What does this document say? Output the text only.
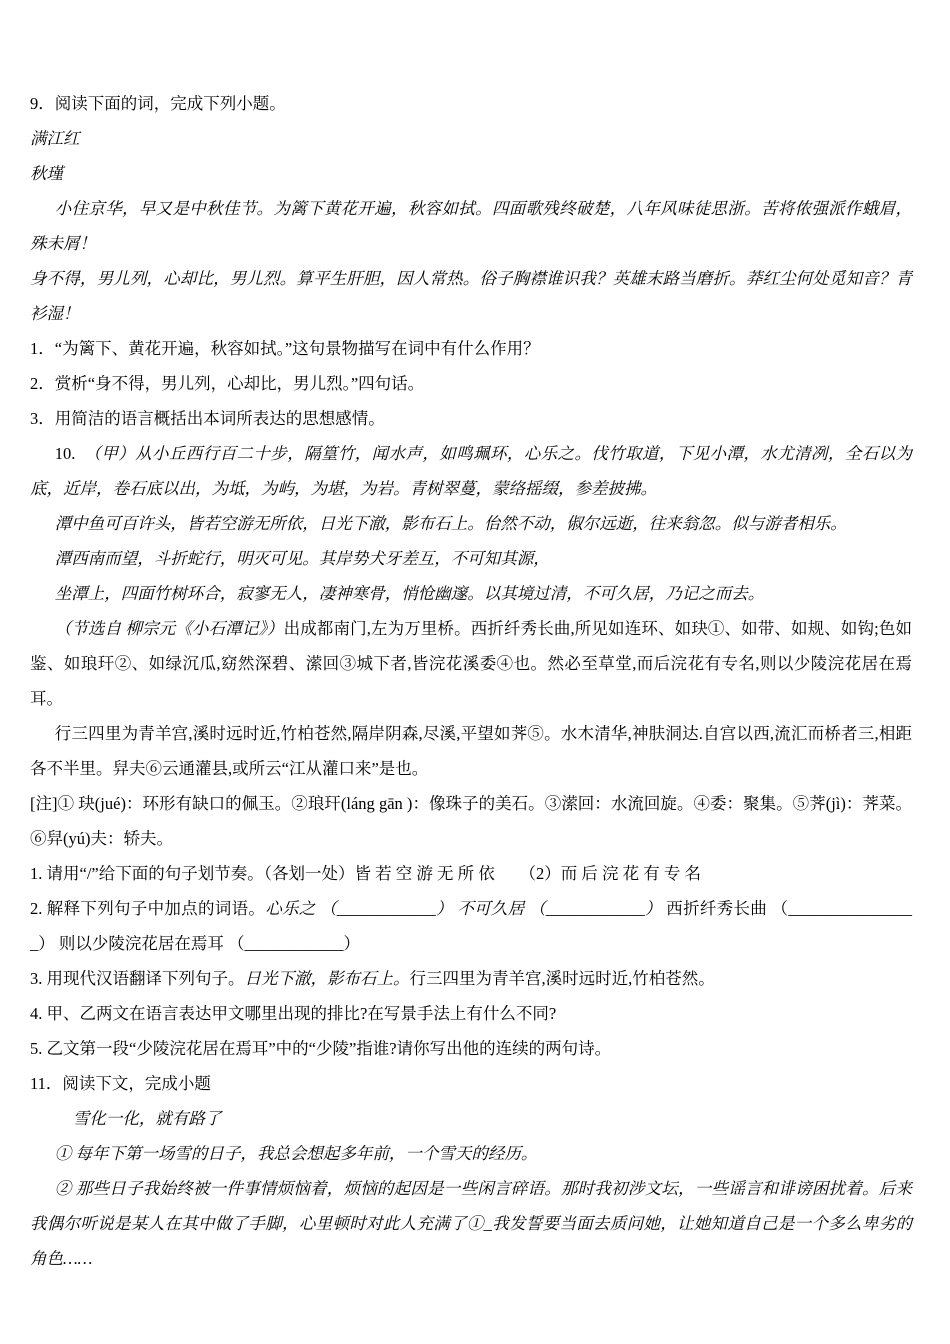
9．阅读下面的词，完成下列小题。

满江红

秋瑾

小住京华，早又是中秋佳节。为篱下黄花开遍，秋容如拭。四面歌残终破楚，八年风味徒思浙。苦将侬强派作蛾眉，殊未屑！

身不得，男儿列，心却比，男儿烈。算平生肝胆，因人常热。俗子胸襟谁识我？英雄末路当磨折。莽红尘何处觅知音？青衫湿！

1．“为篱下、黄花开遍，秋容如拭。”这句景物描写在词中有什么作用？

2．赏析“身不得，男儿列，心却比，男儿烈。”四句话。

3．用简洁的语言概括出本词所表达的思想感情。

10.　（甲）从小丘西行百二十步，隔篁竹，闻水声，如鸣珮环，心乐之。伐竹取道，下见小潭，水尤清冽，全石以为底，近岸，卷石底以出，为坻，为屿，为堪，为岩。青树翠蔓，蒙络摇缀，参差披拂。

潭中鱼可百许头，皆若空游无所依，日光下澈，影布石上。佁然不动，俶尔远逝，往来翁忽。似与游者相乐。

潭西南而望，斗折蛇行，明灭可见。其岸势犬牙差互，不可知其源，

坐潭上，四面竹树环合，寂寥无人，凄神寒骨，悄怆幽邃。以其境过清，不可久居，乃记之而去。

（节选自 柳宗元《小石潭记》）出成都南门,左为万里桥。西折纤秀长曲,所见如连环、如玦①、如带、如规、如钩;色如鉴、如琅玕②、如绿沉瓜,窈然深碧、潆回③城下者,皆浣花溪委④也。然必至草堂,而后浣花有专名,则以少陵浣花居在焉耳。

行三四里为青羊宫,溪时远时近,竹柏苍然,隔岸阴森,尽溪,平望如荠⑤。水木清华,神肤洞达.自宫以西,流汇而桥者三,相距各不半里。舁夫⑥云通灌县,或所云“江从灌口来”是也。

[注]① 玦(jué)：环形有缺口的佩玉。②琅玕(láng gān )：像珠子的美石。③潆回：水流回旋。④委：聚集。⑤荠(jì)：荠菜。⑥舁(yú)夫：轿夫。

1. 请用“/”给下面的句子划节奏。（各划一处）皆 若 空 游 无 所 依　　（2）而 后 浣 花 有 专 名

2. 解释下列句子中加点的词语。心乐之 （____________） 不可久居 （____________） 西折纤秀长曲 （________________） 则以少陵浣花居在焉耳 （____________）

3. 用现代汉语翻译下列句子。日光下澈，影布石上。行三四里为青羊宫,溪时远时近,竹柏苍然。

4. 甲、乙两文在语言表达甲文哪里出现的排比?在写景手法上有什么不同?

5. 乙文第一段“少陵浣花居在焉耳”中的“少陵”指谁?请你写出他的连续的两句诗。

11．阅读下文，完成小题

雪化一化，就有路了

① 每年下第一场雪的日子，我总会想起多年前，一个雪天的经历。

② 那些日子我始终被一件事情烦恼着，烦恼的起因是一些闲言碎语。那时我初涉文坛，一些谣言和诽谤困扰着。后来我偶尔听说是某人在其中做了手脚，心里顿时对此人充满了①_我发誓要当面去质问她，让她知道自己是一个多么卑劣的角色……
